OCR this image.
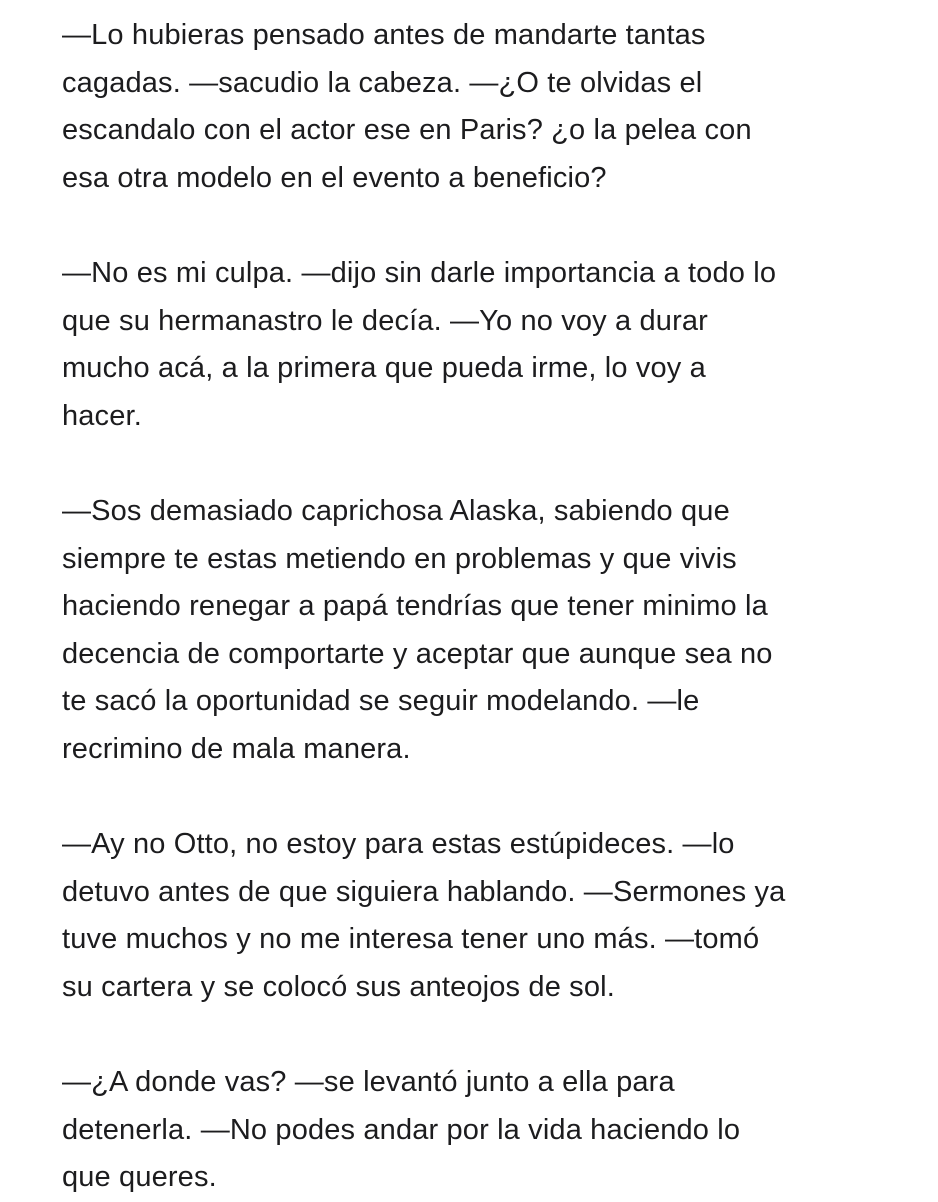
—Lo hubieras pensado antes de mandarte tantas
cagadas. —sacudio la cabeza. —¿O te olvidas el
escandalo con el actor ese en Paris? ¿o la pelea con
esa otra modelo en el evento a beneficio?
—No es mi culpa. —dijo sin darle importancia a todo lo
que su hermanastro le decía. —Yo no voy a durar
mucho acá, a la primera que pueda irme, lo voy a
hacer.
—Sos demasiado caprichosa Alaska, sabiendo que
siempre te estas metiendo en problemas y que vivis
haciendo renegar a papá tendrías que tener minimo la
decencia de comportarte y aceptar que aunque sea no
te sacó la oportunidad se seguir modelando. —le
recrimino de mala manera.
—Ay no Otto, no estoy para estas estúpideces. —lo
detuvo antes de que siguiera hablando. —Sermones ya
tuve muchos y no me interesa tener uno más. —tomó
su cartera y se colocó sus anteojos de sol.
—¿A donde vas? —se levantó junto a ella para
detenerla. —No podes andar por la vida haciendo lo
que queres.
